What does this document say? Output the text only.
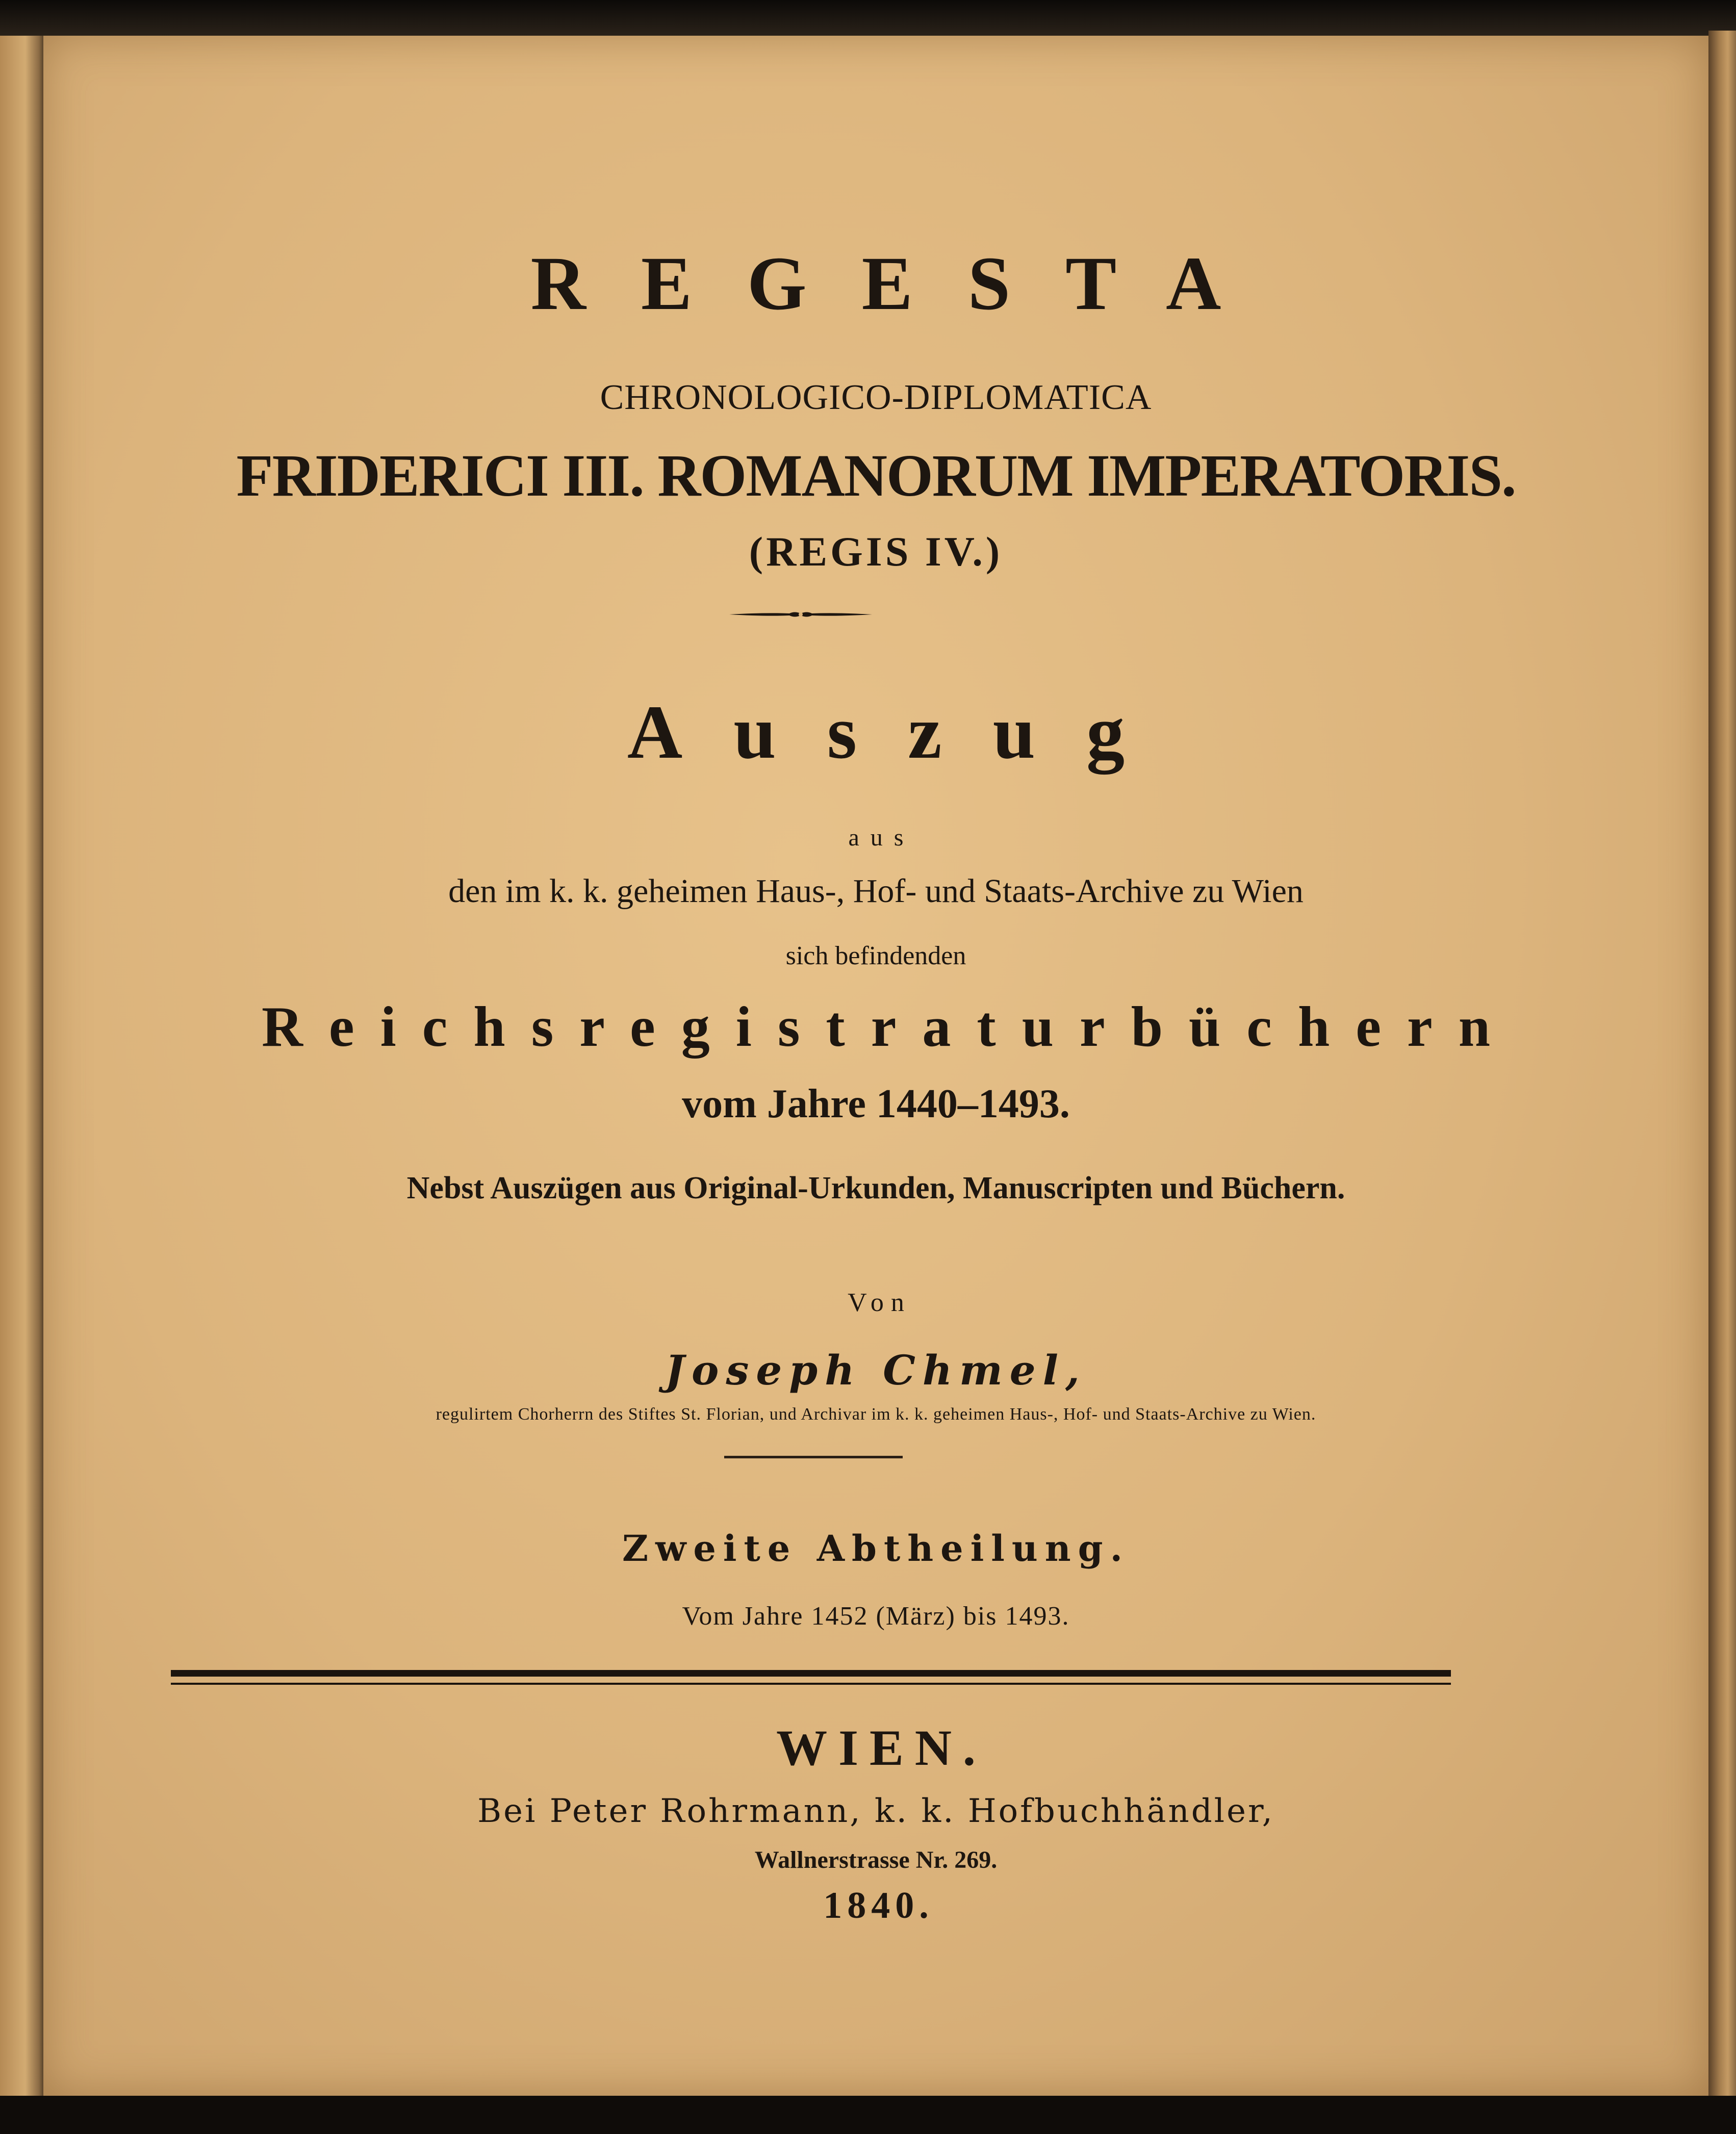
REGESTA
CHRONOLOGICO-DIPLOMATICA
FRIDERICI III. ROMANORUM IMPERATORIS.
(REGIS IV.)
Auszug
aus
den im k. k. geheimen Haus-, Hof- und Staats-Archive zu Wien
sich befindenden
Reichsregistraturbüchern
vom Jahre 1440–1493.
Nebst Auszügen aus Original-Urkunden, Manuscripten und Büchern.
Von
Joseph Chmel,
regulirtem Chorherrn des Stiftes St. Florian, und Archivar im k. k. geheimen Haus-, Hof- und Staats-Archive zu Wien.
Zweite Abtheilung.
Vom Jahre 1452 (März) bis 1493.
WIEN.
Bei Peter Rohrmann, k. k. Hofbuchhändler,
Wallnerstrasse Nr. 269.
1840.
